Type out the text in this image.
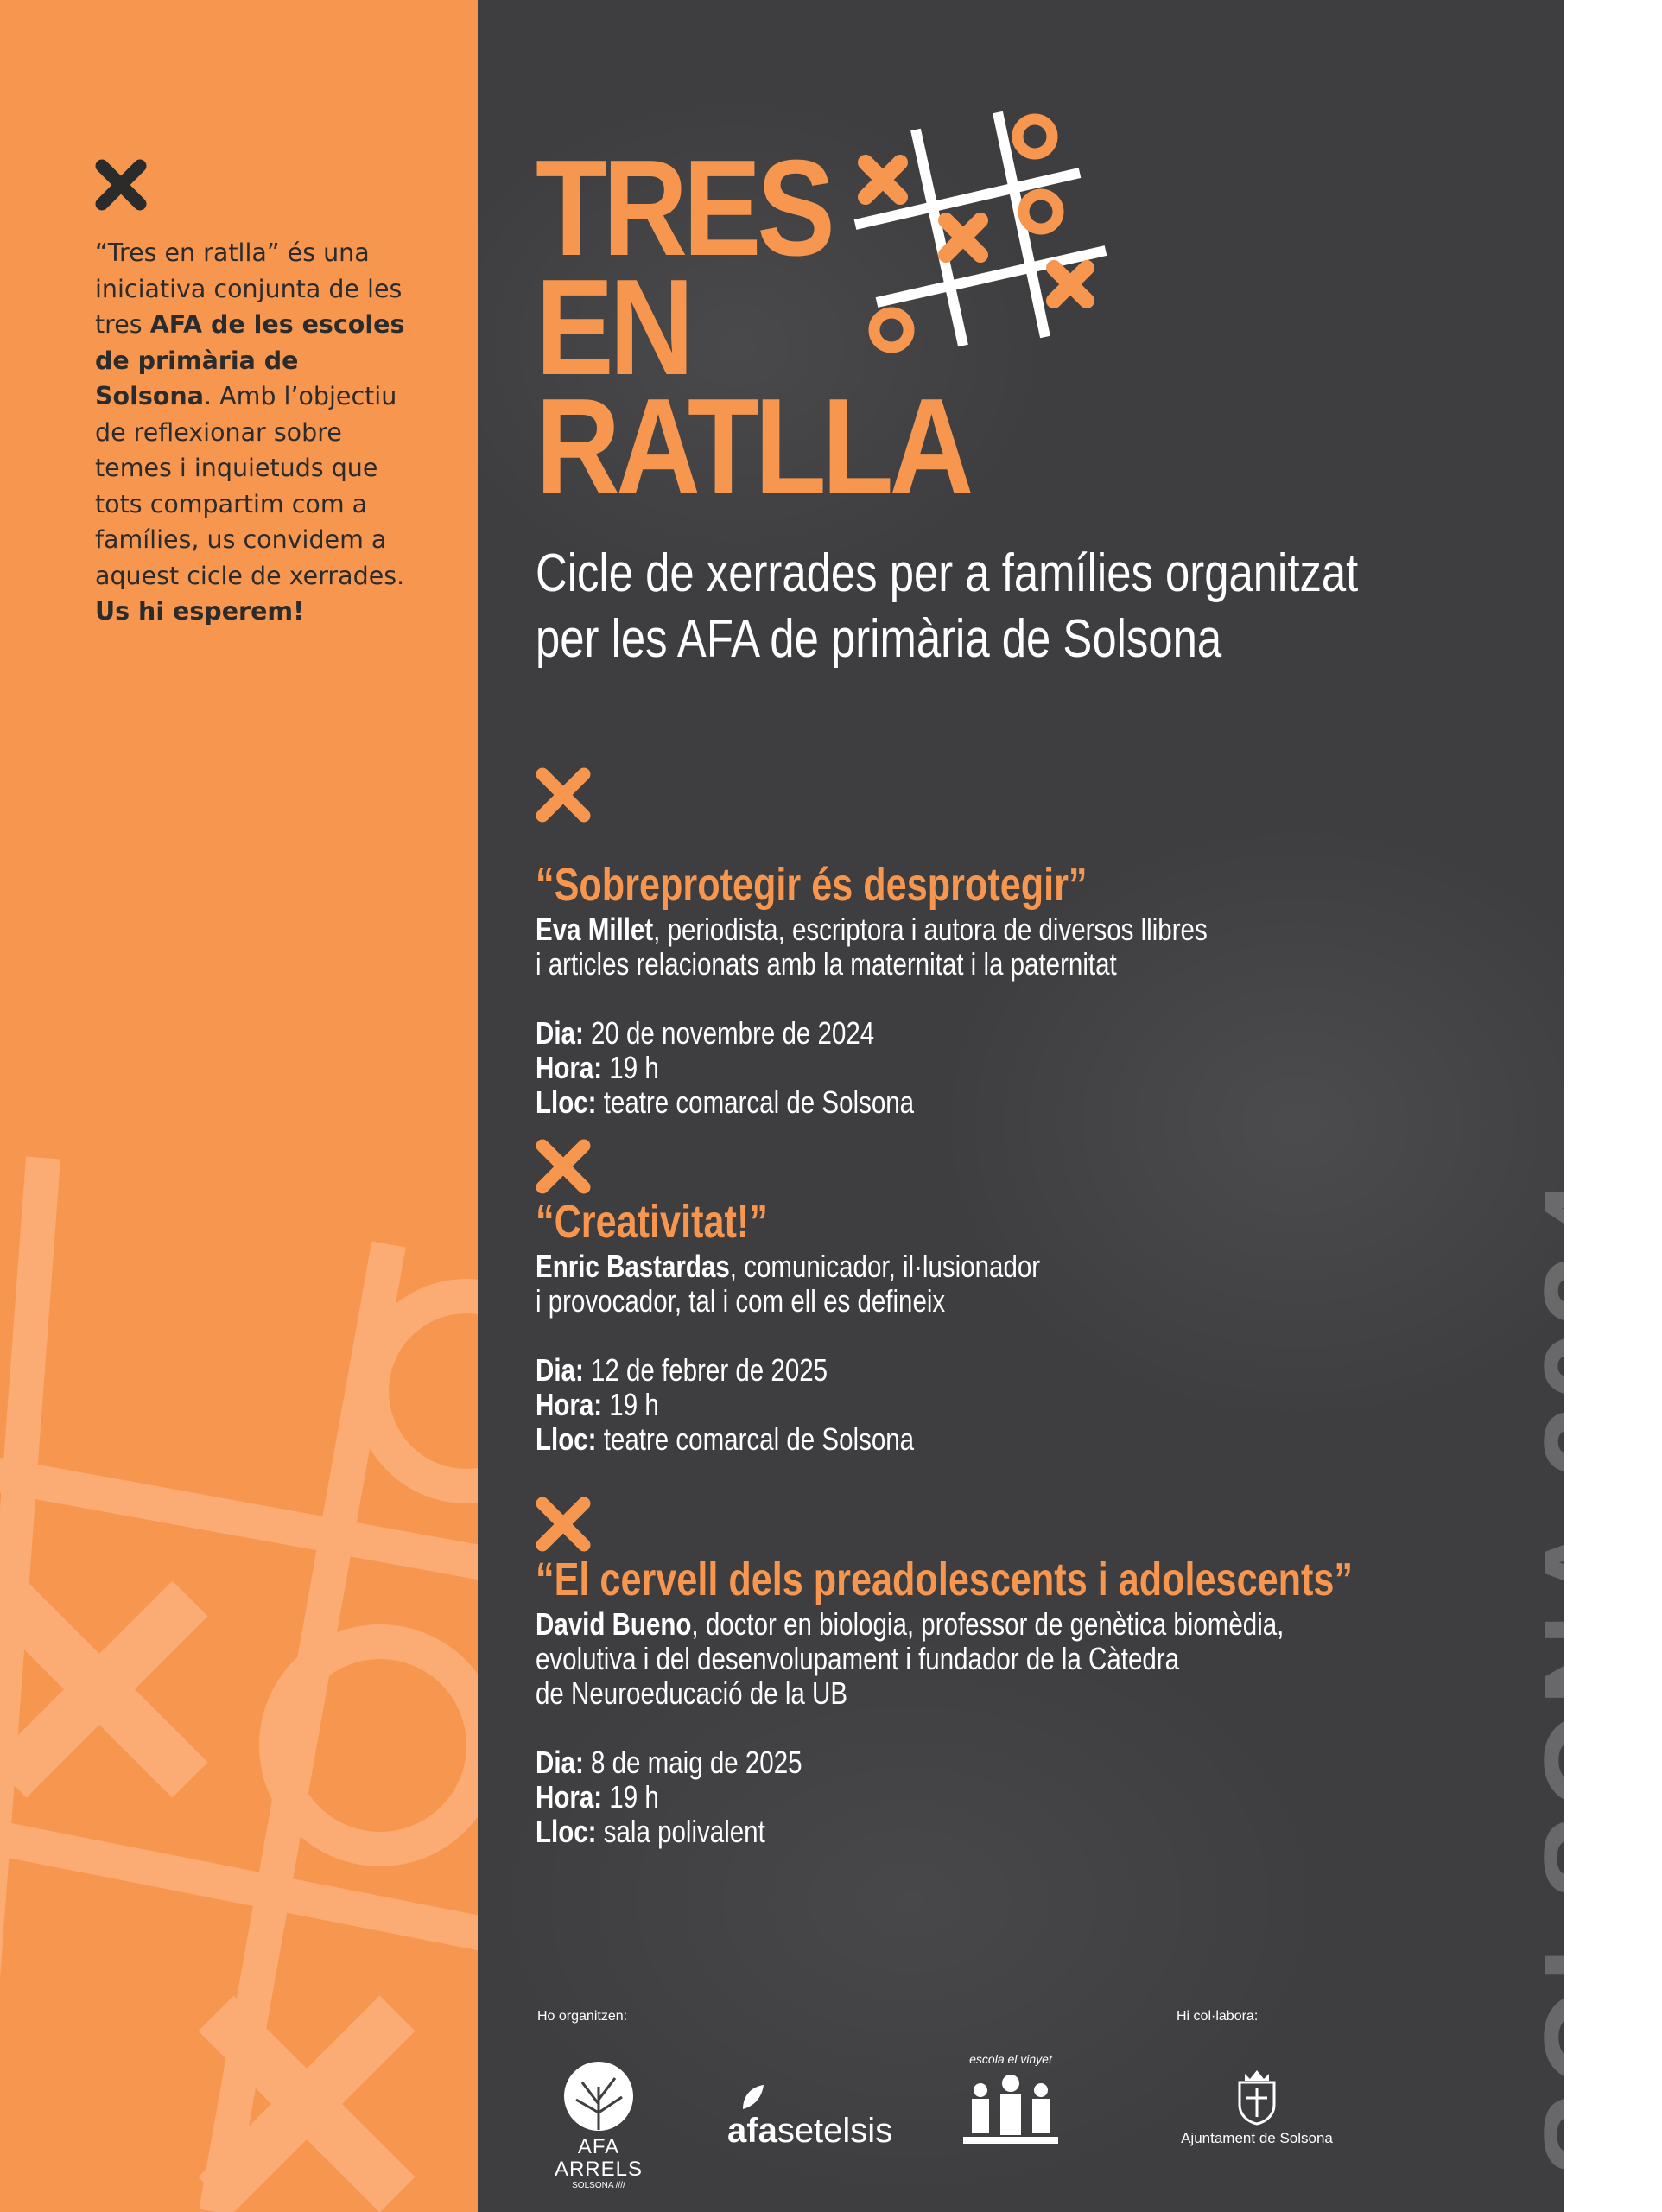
“Tres en ratlla” és una iniciativa conjunta de les tres AFA de les escoles de primària de Solsona. Amb l’objectiu de reflexionar sobre temes i inquietuds que tots compartim com a famílies, us convidem a aquest cicle de xerrades. Us hi esperem!

TRES
EN
RATLLA
Cicle de xerrades per a famílies organitzat
per les AFA de primària de Solsona
“Sobreprotegir és desprotegir”
Eva Millet, periodista, escriptora i autora de diversos llibres
i articles relacionats amb la maternitat i la paternitat
Dia: 20 de novembre de 2024
Hora: 19 h
Lloc: teatre comarcal de Solsona
“Creativitat!”
Enric Bastardas, comunicador, il·lusionador
i provocador, tal i com ell es defineix
Dia: 12 de febrer de 2025
Hora: 19 h
Lloc: teatre comarcal de Solsona
“El cervell dels preadolescents i adolescents”
David Bueno, doctor en biologia, professor de genètica biomèdia,
evolutiva i del desenvolupament i fundador de la Càtedra
de Neuroeducació de la UB
Dia: 8 de maig de 2025
Hora: 19 h
Lloc: sala polivalent	SOLSONA 2024
Ho organitzen:	Hi col·labora:
AFA ARRELS
SOLSONA ////
afasetelsis
escola el vinyet
Ajuntament de Solsona
